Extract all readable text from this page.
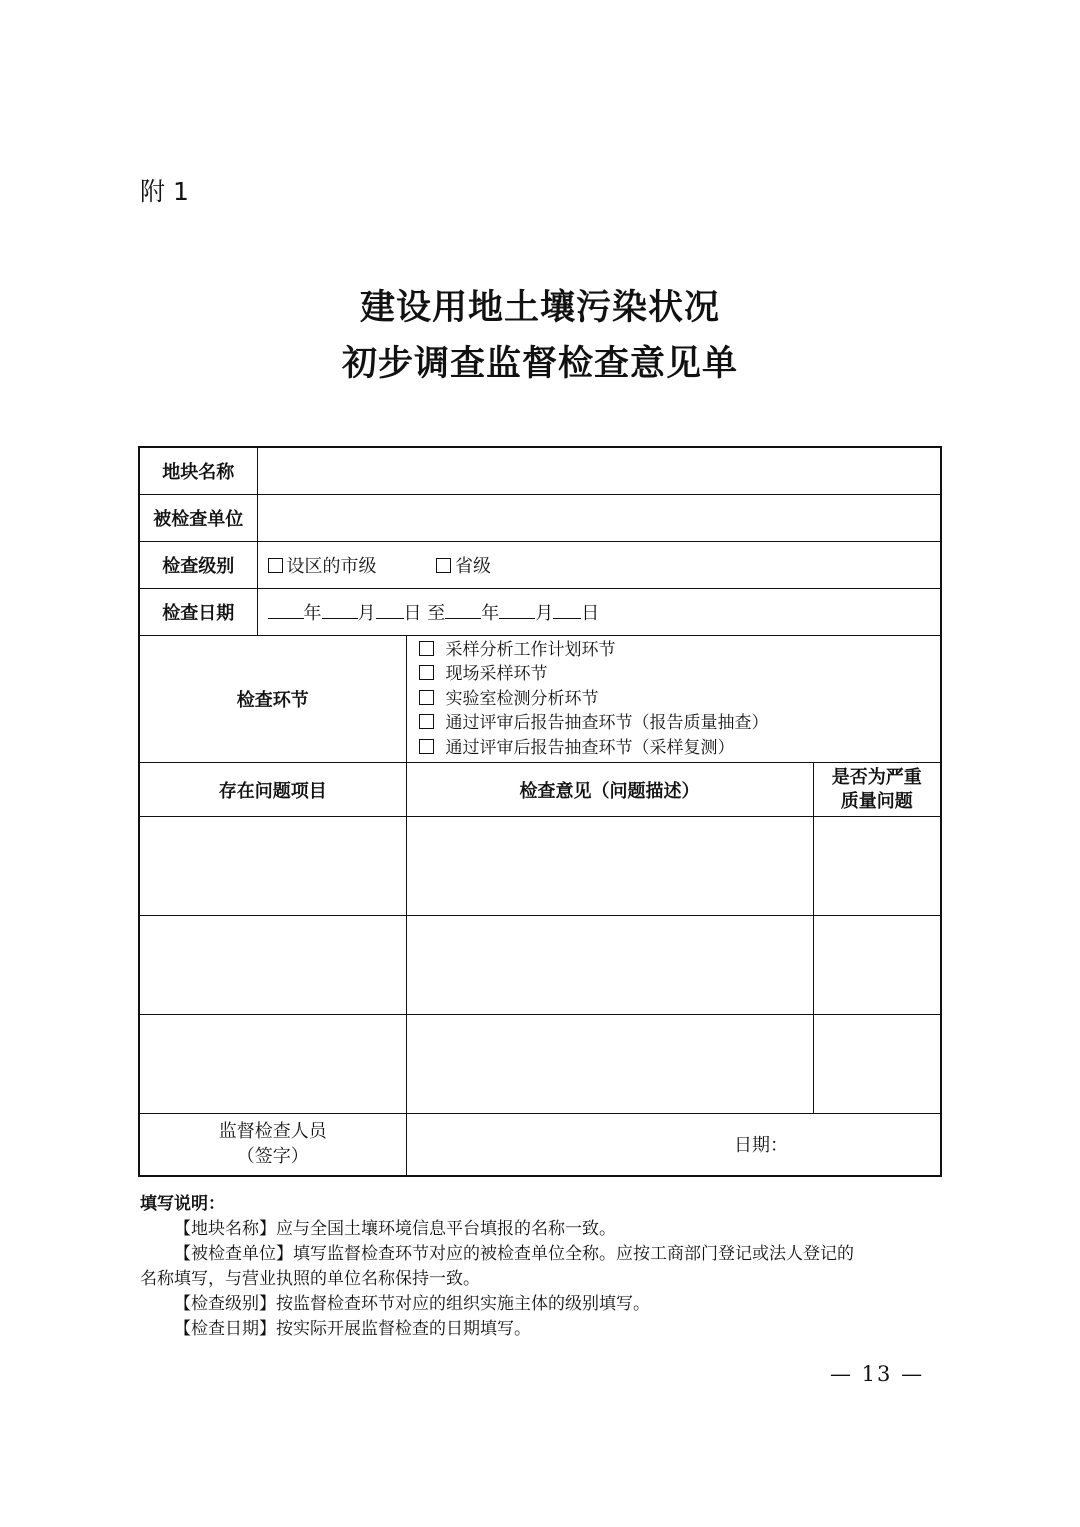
附 1
建设用地土壤污染状况
初步调查监督检查意见单
地块名称			
被检查单位			
检查级别	设区的市级 省级		
检查日期	年 月 日 至 年 月 日		
检查环节		采样分析工作计划环节
现场采样环节
实验室检测分析环节
通过评审后报告抽查环节（报告质量抽查）
通过评审后报告抽查环节（采样复测）	

存在问题项目		检查意见（问题描述）	是否为严重
质量问题

监督检查人员
（签字）		日期：	
填写说明：
【地块名称】应与全国土壤环境信息平台填报的名称一致。
【被检查单位】填写监督检查环节对应的被检查单位全称。应按工商部门登记或法人登记的
名称填写，与营业执照的单位名称保持一致。
【检查级别】按监督检查环节对应的组织实施主体的级别填写。
【检查日期】按实际开展监督检查的日期填写。
— 13 —
